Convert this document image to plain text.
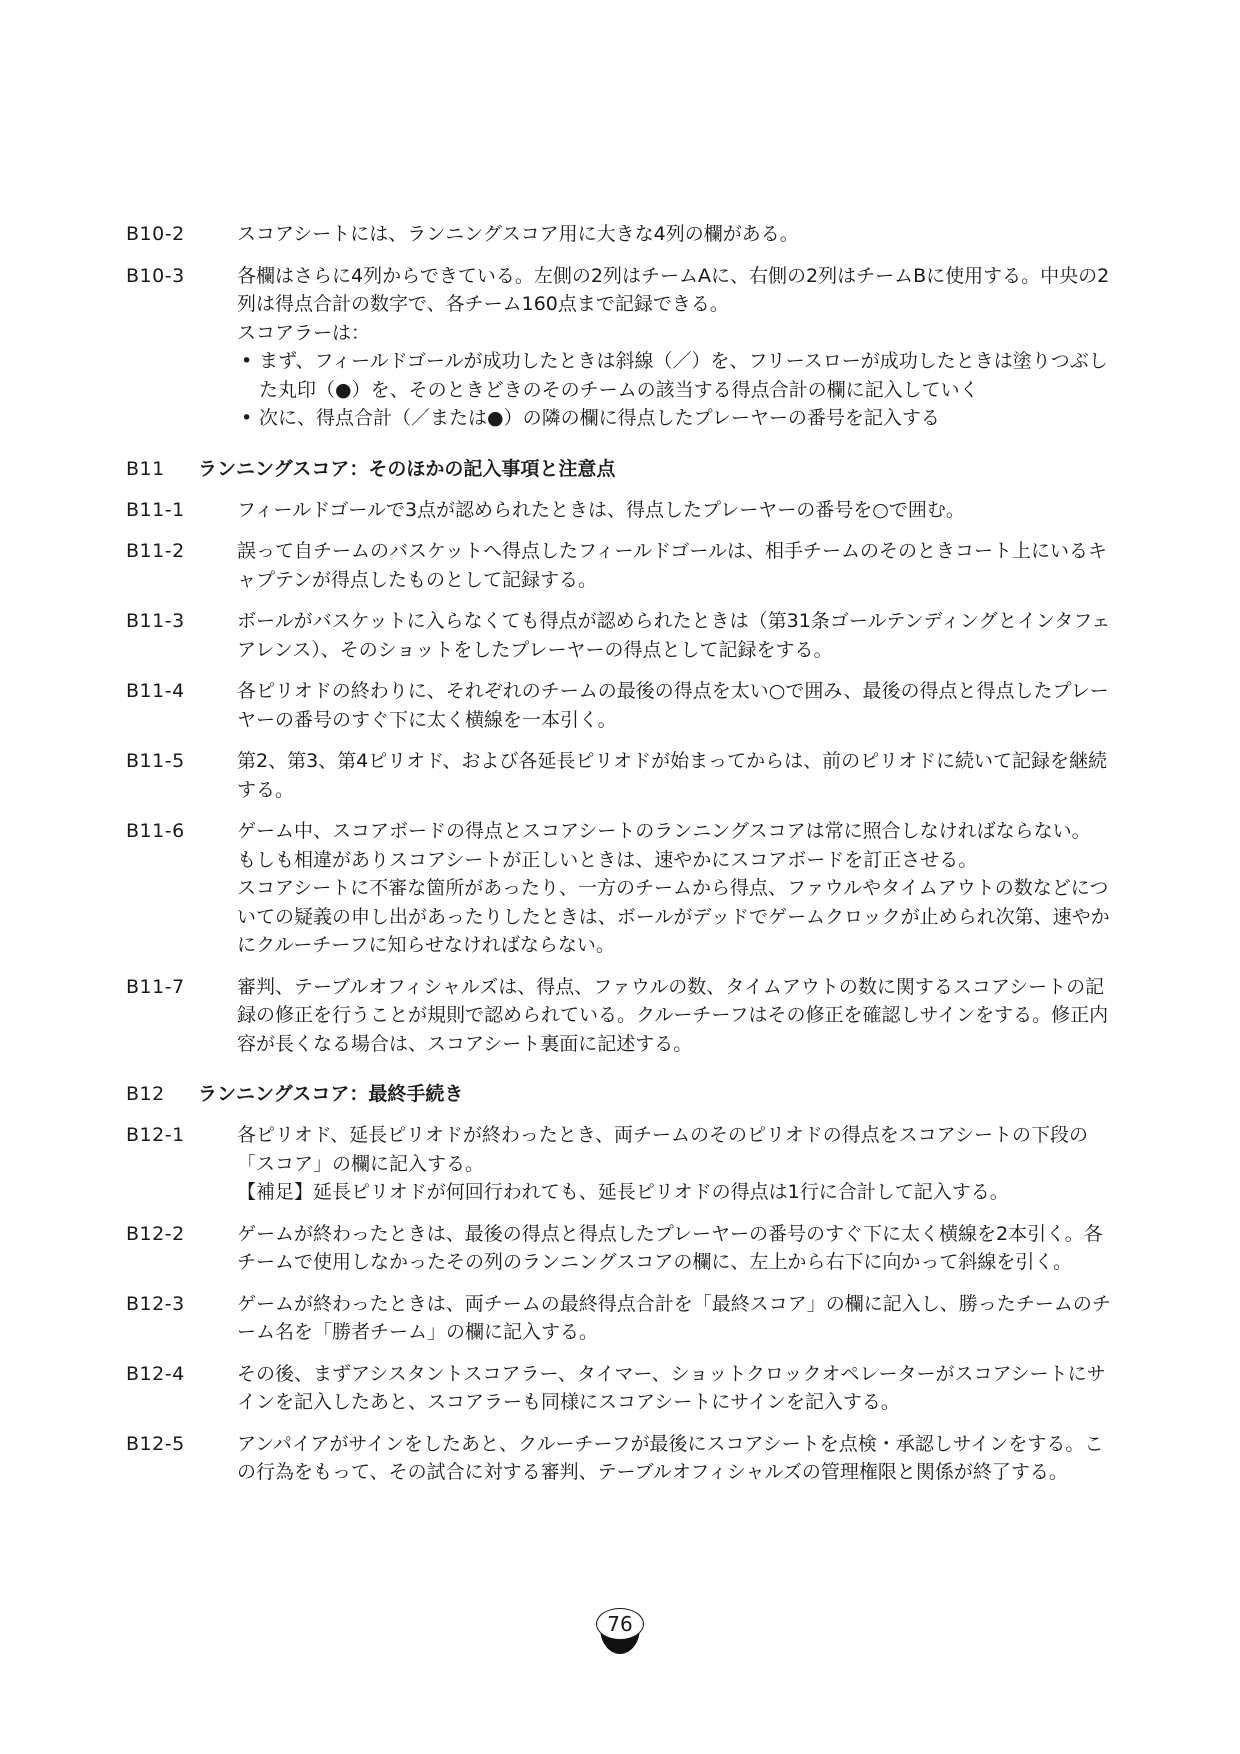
B10-2	スコアシートには、ランニングスコア用に大きな4列の欄がある。

B10-3	各欄はさらに4列からできている。左側の2列はチームAに、右側の2列はチームBに使用する。中央の2列は得点合計の数字で、各チーム160点まで記録できる。

スコアラーは：

• まず、フィールドゴールが成功したときは斜線（／）を、フリースローが成功したときは塗りつぶした丸印（●）を、そのときどきのそのチームの該当する得点合計の欄に記入していく
• 次に、得点合計（／または●）の隣の欄に得点したプレーヤーの番号を記入する
B11	ランニングスコア：そのほかの記入事項と注意点
B11-1	フィールドゴールで3点が認められたときは、得点したプレーヤーの番号を○で囲む。

B11-2	誤って自チームのバスケットへ得点したフィールドゴールは、相手チームのそのときコート上にいるキャプテンが得点したものとして記録する。

B11-3	ボールがバスケットに入らなくても得点が認められたときは（第31条ゴールテンディングとインタフェアレンス）、そのショットをしたプレーヤーの得点として記録をする。

B11-4	各ピリオドの終わりに、それぞれのチームの最後の得点を太い○で囲み、最後の得点と得点したプレーヤーの番号のすぐ下に太く横線を一本引く。

B11-5	第2、第3、第4ピリオド、および各延長ピリオドが始まってからは、前のピリオドに続いて記録を継続する。

B11-6	ゲーム中、スコアボードの得点とスコアシートのランニングスコアは常に照合しなければならない。

もしも相違がありスコアシートが正しいときは、速やかにスコアボードを訂正させる。

スコアシートに不審な箇所があったり、一方のチームから得点、ファウルやタイムアウトの数などについての疑義の申し出があったりしたときは、ボールがデッドでゲームクロックが止められ次第、速やかにクルーチーフに知らせなければならない。

B11-7	審判、テーブルオフィシャルズは、得点、ファウルの数、タイムアウトの数に関するスコアシートの記録の修正を行うことが規則で認められている。クルーチーフはその修正を確認しサインをする。修正内容が長くなる場合は、スコアシート裏面に記述する。

B12	ランニングスコア：最終手続き
B12-1	各ピリオド、延長ピリオドが終わったとき、両チームのそのピリオドの得点をスコアシートの下段の「スコア」の欄に記入する。

【補足】延長ピリオドが何回行われても、延長ピリオドの得点は1行に合計して記入する。

B12-2	ゲームが終わったときは、最後の得点と得点したプレーヤーの番号のすぐ下に太く横線を2本引く。各チームで使用しなかったその列のランニングスコアの欄に、左上から右下に向かって斜線を引く。

B12-3	ゲームが終わったときは、両チームの最終得点合計を「最終スコア」の欄に記入し、勝ったチームのチーム名を「勝者チーム」の欄に記入する。

B12-4	その後、まずアシスタントスコアラー、タイマー、ショットクロックオペレーターがスコアシートにサインを記入したあと、スコアラーも同様にスコアシートにサインを記入する。

B12-5	アンパイアがサインをしたあと、クルーチーフが最後にスコアシートを点検・承認しサインをする。この行為をもって、その試合に対する審判、テーブルオフィシャルズの管理権限と関係が終了する。

76
